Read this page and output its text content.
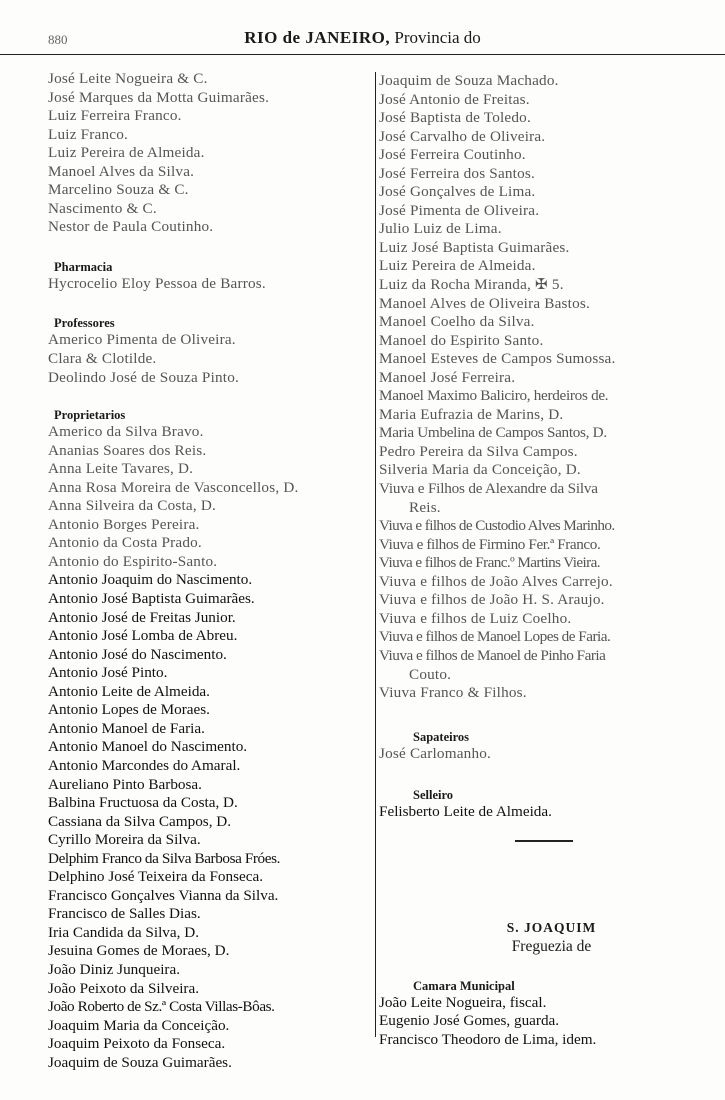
880	RIO de JANEIRO, Provincia do
José Leite Nogueira & C.
José Marques da Motta Guimarães.
Luiz Ferreira Franco.
Luiz Franco.
Luiz Pereira de Almeida.
Manoel Alves da Silva.
Marcelino Souza & C.
Nascimento & C.
Nestor de Paula Coutinho.
Pharmacia
Hycrocelio Eloy Pessoa de Barros.
Professores
Americo Pimenta de Oliveira.
Clara & Clotilde.
Deolindo José de Souza Pinto.
Proprietarios
Americo da Silva Bravo.
Ananias Soares dos Reis.
Anna Leite Tavares, D.
Anna Rosa Moreira de Vasconcellos, D.
Anna Silveira da Costa, D.
Antonio Borges Pereira.
Antonio da Costa Prado.
Antonio do Espirito-Santo.
Antonio Joaquim do Nascimento.
Antonio José Baptista Guimarães.
Antonio José de Freitas Junior.
Antonio José Lomba de Abreu.
Antonio José do Nascimento.
Antonio José Pinto.
Antonio Leite de Almeida.
Antonio Lopes de Moraes.
Antonio Manoel de Faria.
Antonio Manoel do Nascimento.
Antonio Marcondes do Amaral.
Aureliano Pinto Barbosa.
Balbina Fructuosa da Costa, D.
Cassiana da Silva Campos, D.
Cyrillo Moreira da Silva.
Delphim Franco da Silva Barbosa Fróes.
Delphino José Teixeira da Fonseca.
Francisco Gonçalves Vianna da Silva.
Francisco de Salles Dias.
Iria Candida da Silva, D.
Jesuina Gomes de Moraes, D.
João Diniz Junqueira.
João Peixoto da Silveira.
João Roberto de Sz.ª Costa Villas-Bôas.
Joaquim Maria da Conceição.
Joaquim Peixoto da Fonseca.
Joaquim de Souza Guimarães.
Joaquim de Souza Machado.
José Antonio de Freitas.
José Baptista de Toledo.
José Carvalho de Oliveira.
José Ferreira Coutinho.
José Ferreira dos Santos.
José Gonçalves de Lima.
José Pimenta de Oliveira.
Julio Luiz de Lima.
Luiz José Baptista Guimarães.
Luiz Pereira de Almeida.
Luiz da Rocha Miranda, ✠ 5.
Manoel Alves de Oliveira Bastos.
Manoel Coelho da Silva.
Manoel do Espirito Santo.
Manoel Esteves de Campos Sumossa.
Manoel José Ferreira.
Manoel Maximo Baliciro, herdeiros de.
Maria Eufrazia de Marins, D.
Maria Umbelina de Campos Santos, D.
Pedro Pereira da Silva Campos.
Silveria Maria da Conceição, D.
Viuva e Filhos de Alexandre da Silva
Reis.
Viuva e filhos de Custodio Alves Marinho.
Viuva e filhos de Firmino Fer.ª Franco.
Viuva e filhos de Franc.º Martins Vieira.
Viuva e filhos de João Alves Carrejo.
Viuva e filhos de João H. S. Araujo.
Viuva e filhos de Luiz Coelho.
Viuva e filhos de Manoel Lopes de Faria.
Viuva e filhos de Manoel de Pinho Faria
Couto.
Viuva Franco & Filhos.
Sapateiros
José Carlomanho.
Selleiro
Felisberto Leite de Almeida.
S. JOAQUIM
Freguezia de
Camara Municipal
João Leite Nogueira, fiscal.
Eugenio José Gomes, guarda.
Francisco Theodoro de Lima, idem.
